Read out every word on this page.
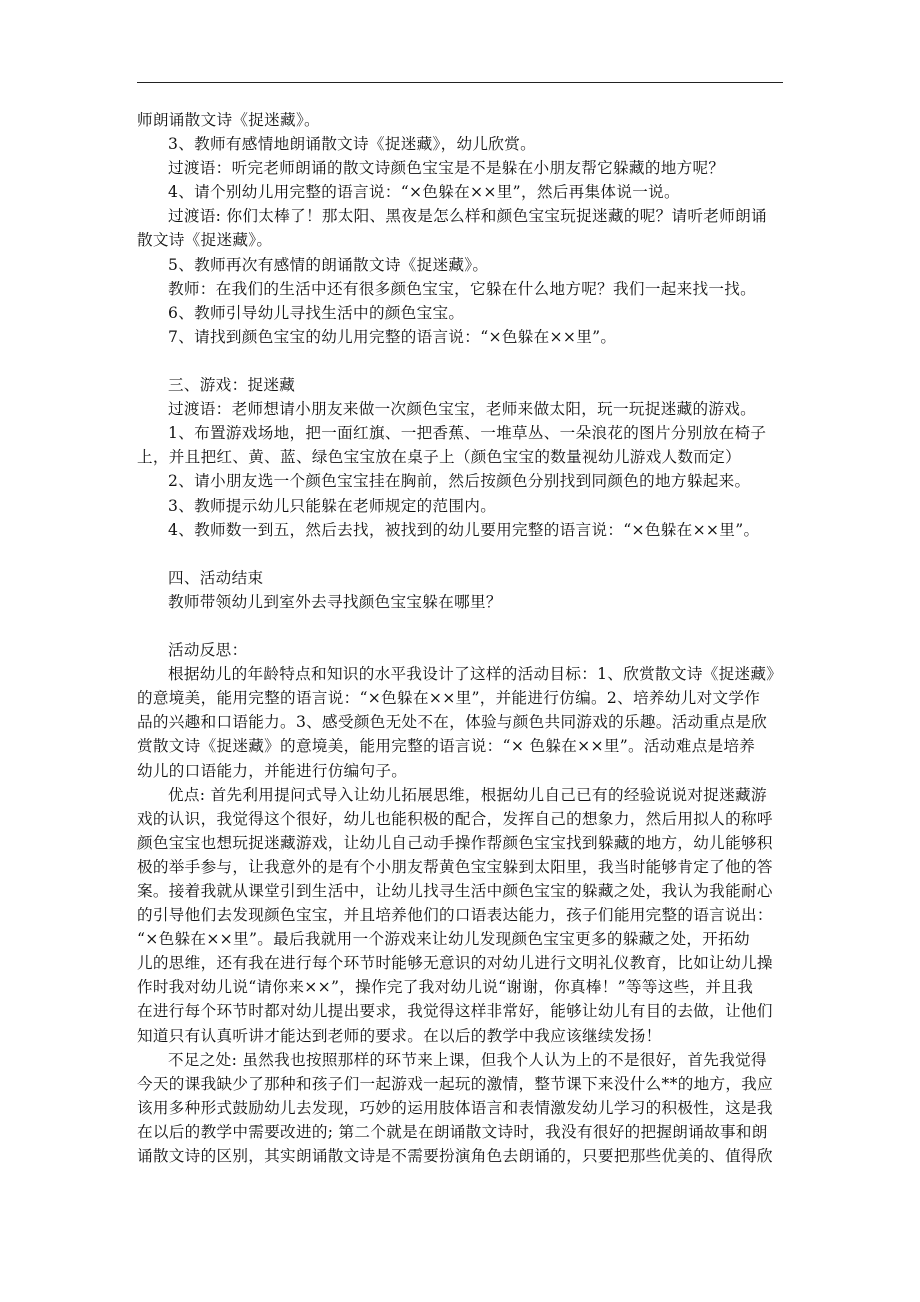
师朗诵散文诗《捉迷藏》。
3、教师有感情地朗诵散文诗《捉迷藏》，幼儿欣赏。
过渡语：听完老师朗诵的散文诗颜色宝宝是不是躲在小朋友帮它躲藏的地方呢？
4、请个别幼儿用完整的语言说：“×色躲在××里”，然后再集体说一说。
过渡语: 你们太棒了！那太阳、黑夜是怎么样和颜色宝宝玩捉迷藏的呢？请听老师朗诵
散文诗《捉迷藏》。
5、教师再次有感情的朗诵散文诗《捉迷藏》。
教师：在我们的生活中还有很多颜色宝宝，它躲在什么地方呢？我们一起来找一找。
6、教师引导幼儿寻找生活中的颜色宝宝。
7、请找到颜色宝宝的幼儿用完整的语言说：“×色躲在××里”。
三、游戏：捉迷藏
过渡语：老师想请小朋友来做一次颜色宝宝，老师来做太阳，玩一玩捉迷藏的游戏。
1、布置游戏场地，把一面红旗、一把香蕉、一堆草丛、一朵浪花的图片分别放在椅子
上，并且把红、黄、蓝、绿色宝宝放在桌子上（颜色宝宝的数量视幼儿游戏人数而定）
2、请小朋友选一个颜色宝宝挂在胸前，然后按颜色分别找到同颜色的地方躲起来。
3、教师提示幼儿只能躲在老师规定的范围内。
4、教师数一到五，然后去找，被找到的幼儿要用完整的语言说：“×色躲在××里”。
四、活动结束
教师带领幼儿到室外去寻找颜色宝宝躲在哪里？
活动反思：
根据幼儿的年龄特点和知识的水平我设计了这样的活动目标：1、欣赏散文诗《捉迷藏》
的意境美，能用完整的语言说：“×色躲在××里”，并能进行仿编。2、培养幼儿对文学作
品的兴趣和口语能力。3、感受颜色无处不在，体验与颜色共同游戏的乐趣。活动重点是欣
赏散文诗《捉迷藏》的意境美，能用完整的语言说：“× 色躲在××里”。活动难点是培养
幼儿的口语能力，并能进行仿编句子。
优点: 首先利用提问式导入让幼儿拓展思维，根据幼儿自己已有的经验说说对捉迷藏游
戏的认识，我觉得这个很好，幼儿也能积极的配合，发挥自己的想象力，然后用拟人的称呼
颜色宝宝也想玩捉迷藏游戏，让幼儿自己动手操作帮颜色宝宝找到躲藏的地方，幼儿能够积
极的举手参与，让我意外的是有个小朋友帮黄色宝宝躲到太阳里，我当时能够肯定了他的答
案。接着我就从课堂引到生活中，让幼儿找寻生活中颜色宝宝的躲藏之处，我认为我能耐心
的引导他们去发现颜色宝宝，并且培养他们的口语表达能力，孩子们能用完整的语言说出：
“×色躲在××里”。最后我就用一个游戏来让幼儿发现颜色宝宝更多的躲藏之处，开拓幼
儿的思维，还有我在进行每个环节时能够无意识的对幼儿进行文明礼仪教育，比如让幼儿操
作时我对幼儿说“请你来××”，操作完了我对幼儿说“谢谢，你真棒！”等等这些，并且我
在进行每个环节时都对幼儿提出要求，我觉得这样非常好，能够让幼儿有目的去做，让他们
知道只有认真听讲才能达到老师的要求。在以后的教学中我应该继续发扬！
不足之处: 虽然我也按照那样的环节来上课，但我个人认为上的不是很好，首先我觉得
今天的课我缺少了那种和孩子们一起游戏一起玩的激情，整节课下来没什么**的地方，我应
该用多种形式鼓励幼儿去发现，巧妙的运用肢体语言和表情激发幼儿学习的积极性，这是我
在以后的教学中需要改进的; 第二个就是在朗诵散文诗时，我没有很好的把握朗诵故事和朗
诵散文诗的区别，其实朗诵散文诗是不需要扮演角色去朗诵的，只要把那些优美的、值得欣
